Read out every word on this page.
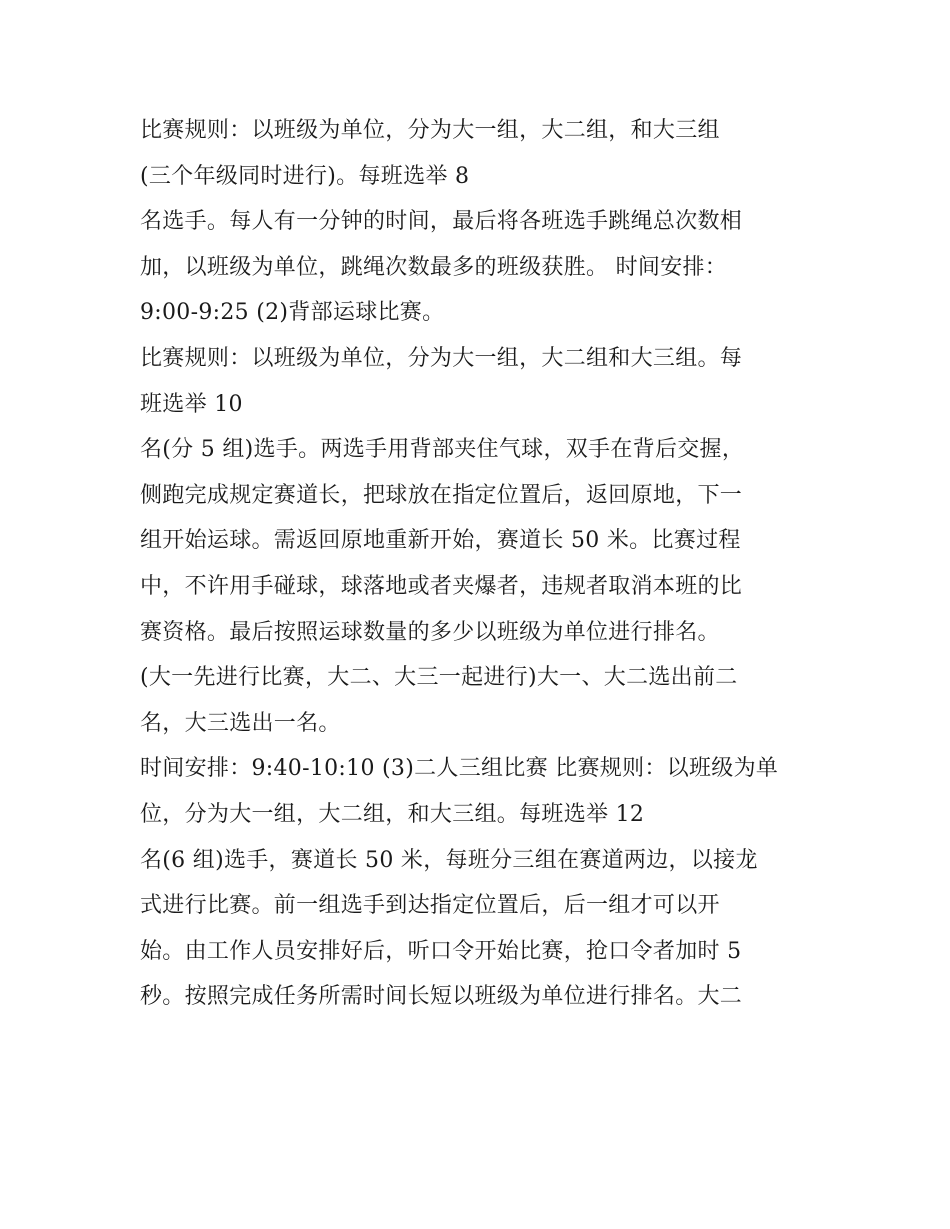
比赛规则：以班级为单位，分为大一组，大二组，和大三组
(三个年级同时进行)。每班选举 8
名选手。每人有一分钟的时间，最后将各班选手跳绳总次数相
加，以班级为单位，跳绳次数最多的班级获胜。 时间安排：
9:00-9:25 (2)背部运球比赛。
比赛规则：以班级为单位，分为大一组，大二组和大三组。每
班选举 10
名(分 5 组)选手。两选手用背部夹住气球，双手在背后交握，
侧跑完成规定赛道长，把球放在指定位置后，返回原地，下一
组开始运球。需返回原地重新开始，赛道长 50 米。比赛过程
中，不许用手碰球，球落地或者夹爆者，违规者取消本班的比
赛资格。最后按照运球数量的多少以班级为单位进行排名。
(大一先进行比赛，大二、大三一起进行)大一、大二选出前二
名，大三选出一名。
时间安排：9:40-10:10 (3)二人三组比赛 比赛规则：以班级为单
位，分为大一组，大二组，和大三组。每班选举 12
名(6 组)选手，赛道长 50 米，每班分三组在赛道两边，以接龙
式进行比赛。前一组选手到达指定位置后，后一组才可以开
始。由工作人员安排好后，听口令开始比赛，抢口令者加时 5
秒。按照完成任务所需时间长短以班级为单位进行排名。大二
